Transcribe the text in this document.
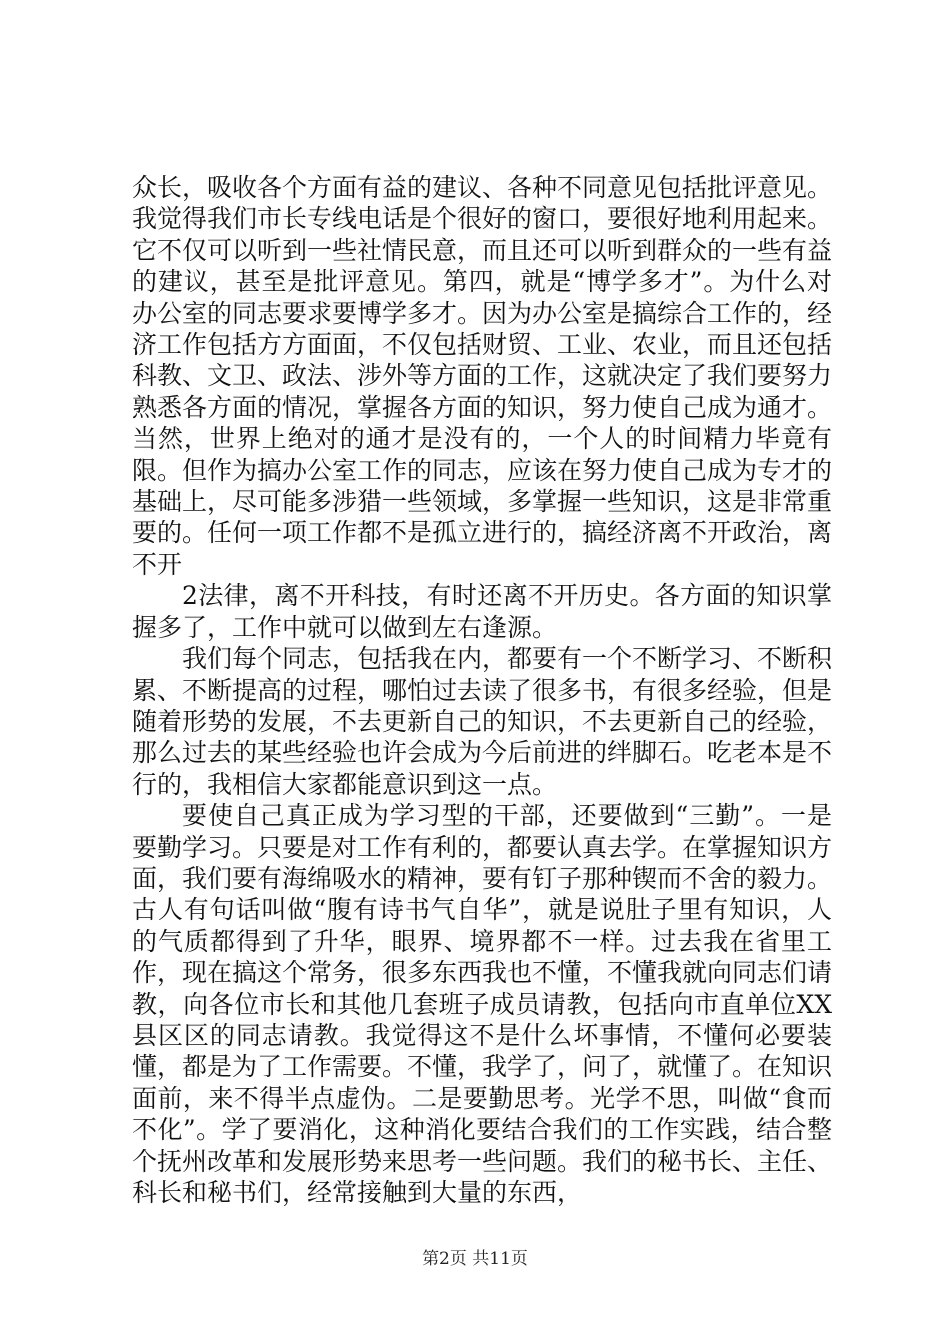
众长，吸收各个方面有益的建议、各种不同意见包括批评意见。我觉得我们市长专线电话是个很好的窗口，要很好地利用起来。它不仅可以听到一些社情民意，而且还可以听到群众的一些有益的建议，甚至是批评意见。第四，就是“博学多才”。为什么对办公室的同志要求要博学多才。因为办公室是搞综合工作的，经济工作包括方方面面，不仅包括财贸、工业、农业，而且还包括科教、文卫、政法、涉外等方面的工作，这就决定了我们要努力熟悉各方面的情况，掌握各方面的知识，努力使自己成为通才。当然，世界上绝对的通才是没有的，一个人的时间精力毕竟有限。但作为搞办公室工作的同志，应该在努力使自己成为专才的基础上，尽可能多涉猎一些领域，多掌握一些知识，这是非常重要的。任何一项工作都不是孤立进行的，搞经济离不开政治，离不开

2法律，离不开科技，有时还离不开历史。各方面的知识掌握多了，工作中就可以做到左右逢源。

我们每个同志，包括我在内，都要有一个不断学习、不断积累、不断提高的过程，哪怕过去读了很多书，有很多经验，但是随着形势的发展，不去更新自己的知识，不去更新自己的经验，那么过去的某些经验也许会成为今后前进的绊脚石。吃老本是不行的，我相信大家都能意识到这一点。

要使自己真正成为学习型的干部，还要做到“三勤”。一是要勤学习。只要是对工作有利的，都要认真去学。在掌握知识方面，我们要有海绵吸水的精神，要有钉子那种锲而不舍的毅力。古人有句话叫做“腹有诗书气自华”，就是说肚子里有知识，人的气质都得到了升华，眼界、境界都不一样。过去我在省里工作，现在搞这个常务，很多东西我也不懂，不懂我就向同志们请教，向各位市长和其他几套班子成员请教，包括向市直单位XX县区区的同志请教。我觉得这不是什么坏事情，不懂何必要装懂，都是为了工作需要。不懂，我学了，问了，就懂了。在知识面前，来不得半点虚伪。二是要勤思考。光学不思，叫做“食而不化”。学了要消化，这种消化要结合我们的工作实践，结合整个抚州改革和发展形势来思考一些问题。我们的秘书长、主任、科长和秘书们，经常接触到大量的东西，

第2页 共11页
